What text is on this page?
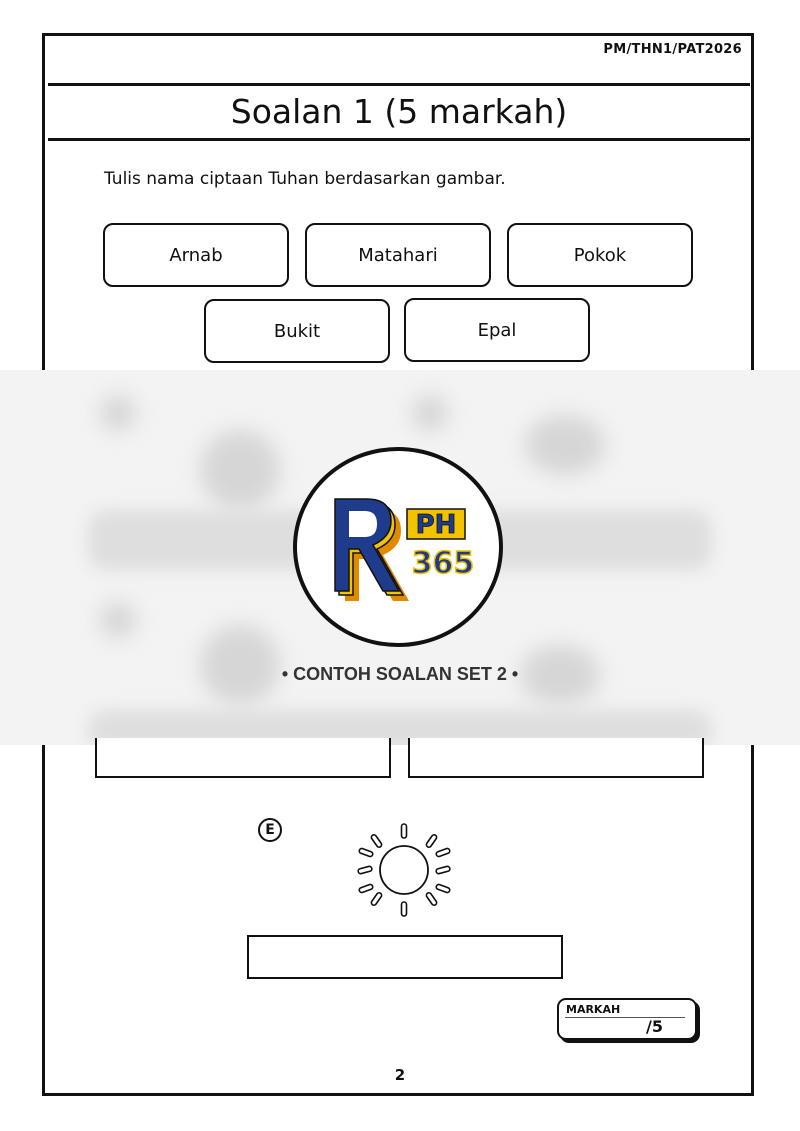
PM/THN1/PAT2026
Soalan 1 (5 markah)
Tulis nama ciptaan Tuhan berdasarkan gambar.
Arnab	Matahari	Pokok
Bukit	Epal
PH
365
• CONTOH SOALAN SET 2 •
E
MARKAH
/5
2
